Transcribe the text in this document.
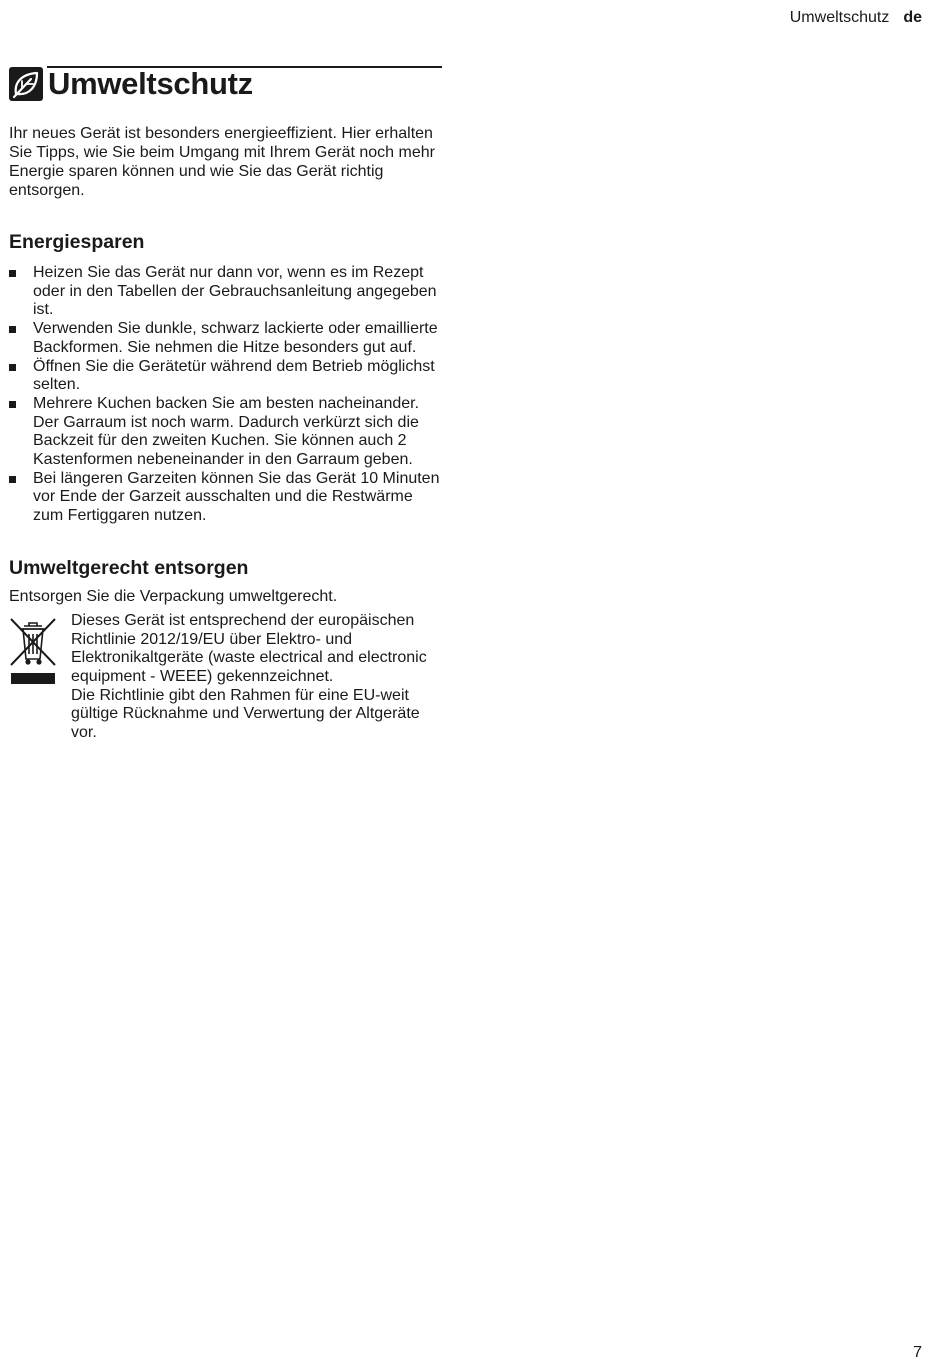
Umweltschutz de
Umweltschutz

Ihr neues Gerät ist besonders energieeffizient. Hier erhalten Sie Tipps, wie Sie beim Umgang mit Ihrem Gerät noch mehr Energie sparen können und wie Sie das Gerät richtig entsorgen.

Energiesparen
Heizen Sie das Gerät nur dann vor, wenn es im Rezept oder in den Tabellen der Gebrauchsanleitung angegeben ist.
Verwenden Sie dunkle, schwarz lackierte oder emaillierte Backformen. Sie nehmen die Hitze besonders gut auf.
Öffnen Sie die Gerätetür während dem Betrieb möglichst selten.
Mehrere Kuchen backen Sie am besten nacheinander. Der Garraum ist noch warm. Dadurch verkürzt sich die Backzeit für den zweiten Kuchen. Sie können auch 2 Kastenformen nebeneinander in den Garraum geben.
Bei längeren Garzeiten können Sie das Gerät 10 Minuten vor Ende der Garzeit ausschalten und die Restwärme zum Fertiggaren nutzen.
Umweltgerecht entsorgen

Entsorgen Sie die Verpackung umweltgerecht.

Dieses Gerät ist entsprechend der europäischen Richtlinie 2012/19/EU über Elektro- und Elektronikaltgeräte (waste electrical and electronic equipment - WEEE) gekennzeichnet.
Die Richtlinie gibt den Rahmen für eine EU-weit gültige Rücknahme und Verwertung der Altgeräte vor.
7
